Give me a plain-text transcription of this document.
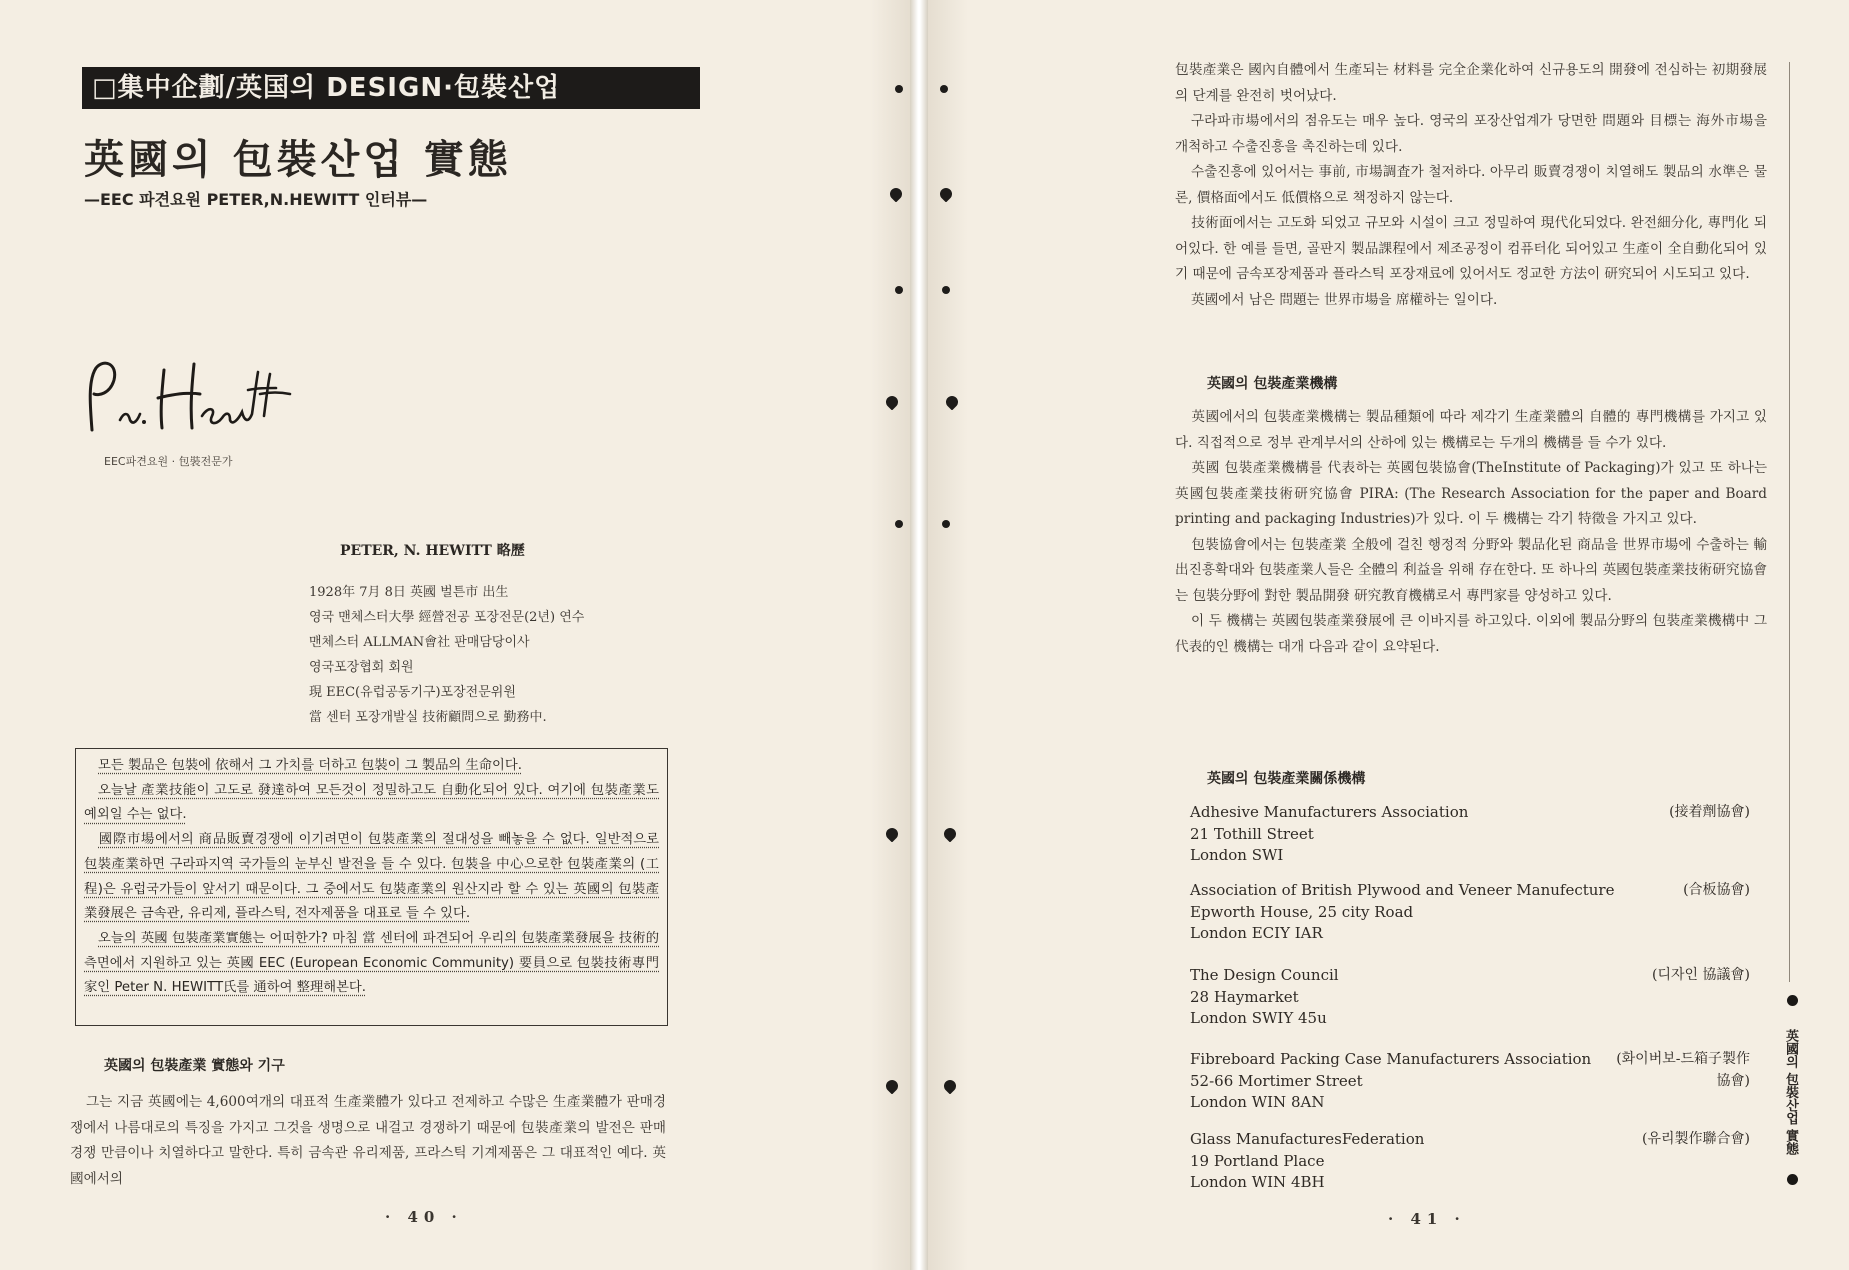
□集中企劃/英国의 DESIGN·包裝산업
英國의 包裝산업 實態
—EEC 파견요원 PETER,N.HEWITT 인터뷰—
EEC파견요원 · 包裝전문가
PETER, N. HEWITT 略歷
1928年 7月 8日 英國 벌튼市 出生
영국 맨체스터大學 經營전공 포장전문(2년) 연수
맨체스터 ALLMAN會社 판매담당이사
영국포장협회 회원
現 EEC(유럽공동기구)포장전문위원
當 센터 포장개발실 技術顧問으로 勤務中.

모든 製品은 包裝에 依해서 그 가치를 더하고 包裝이 그 製品의 生命이다.

오늘날 產業技能이 고도로 發達하여 모든것이 정밀하고도 自動化되어 있다. 여기에 包裝產業도 예외일 수는 없다.

國際市場에서의 商品販賣경쟁에 이기려면이 包裝產業의 절대성을 빼놓을 수 없다. 일반적으로 包裝產業하면 구라파지역 국가들의 눈부신 발전을 들 수 있다. 包裝을 中心으로한 包裝產業의 (工程)은 유럽국가들이 앞서기 때문이다. 그 중에서도 包裝產業의 원산지라 할 수 있는 英國의 包裝產業發展은 금속관, 유리제, 플라스틱, 전자제품을 대표로 들 수 있다.

오늘의 英國 包裝產業實態는 어떠한가? 마침 當 센터에 파견되어 우리의 包裝產業發展을 技術的 측면에서 지원하고 있는 英國 EEC (European Economic Community) 要員으로 包裝技術專門家인 Peter N. HEWITT氏를 通하여 整理해본다.

英國의 包裝產業 實態와 기구

그는 지금 英國에는 4,600여개의 대표적 生產業體가 있다고 전제하고 수많은 生產業體가 판매경쟁에서 나름대로의 특징을 가지고 그것을 생명으로 내걸고 경쟁하기 때문에 包裝產業의 발전은 판매경쟁 만큼이나 치열하다고 말한다. 특히 금속관 유리제품, 프라스틱 기계제품은 그 대표적인 예다. 英國에서의

· 40 ·

包裝產業은 國內自體에서 生產되는 材料를 完全企業化하여 신규용도의 開發에 전심하는 初期發展의 단계를 완전히 벗어났다.

구라파市場에서의 점유도는 매우 높다. 영국의 포장산업계가 당면한 問題와 目標는 海外市場을 개척하고 수출진흥을 촉진하는데 있다.

수출진흥에 있어서는 事前, 市場調査가 철저하다. 아무리 販賣경쟁이 치열해도 製品의 水準은 물론, 價格面에서도 低價格으로 책정하지 않는다.

技術面에서는 고도화 되었고 규모와 시설이 크고 정밀하여 現代化되었다. 완전細分化, 專門化 되어있다. 한 예를 들면, 골판지 製品課程에서 제조공정이 컴퓨터化 되어있고 生產이 全自動化되어 있기 때문에 금속포장제품과 플라스틱 포장재료에 있어서도 정교한 方法이 研究되어 시도되고 있다.

英國에서 남은 問題는 世界市場을 席權하는 일이다.

英國의 包裝產業機構

英國에서의 包裝產業機構는 製品種類에 따라 제각기 生產業體의 自體的 專門機構를 가지고 있다. 직접적으로 정부 관계부서의 산하에 있는 機構로는 두개의 機構를 들 수가 있다.

英國 包裝產業機構를 代表하는 英國包裝協會(TheInstitute of Packaging)가 있고 또 하나는 英國包裝產業技術研究協會 PIRA: (The Research Association for the paper and Board printing and packaging Industries)가 있다. 이 두 機構는 각기 特徵을 가지고 있다.

包裝協會에서는 包裝產業 全般에 걸친 행정적 分野와 製品化된 商品을 世界市場에 수출하는 輸出진흥확대와 包裝產業人들은 全體의 利益을 위해 存在한다. 또 하나의 英國包裝產業技術研究協會는 包裝分野에 對한 製品開發 研究教育機構로서 專門家를 양성하고 있다.

이 두 機構는 英國包裝產業發展에 큰 이바지를 하고있다. 이외에 製品分野의 包裝產業機構中 그 代表的인 機構는 대개 다음과 같이 요약된다.

英國의 包裝產業關係機構
Adhesive Manufacturers Association
21 Tothill Street
London SWI
(接着劑協會)
Association of British Plywood and Veneer Manufecture
Epworth House, 25 city Road
London ECIY IAR
(合板協會)
The Design Council
28 Haymarket
London SWIY 45u
(디자인 協議會)
Fibreboard Packing Case Manufacturers Association
52-66 Mortimer Street
London WIN 8AN
(화이버보-드箱子製作協會)
Glass ManufacturesFederation
19 Portland Place
London WIN 4BH
(유리製作聯合會)	英國의 包裝산업 實態
· 41 ·
